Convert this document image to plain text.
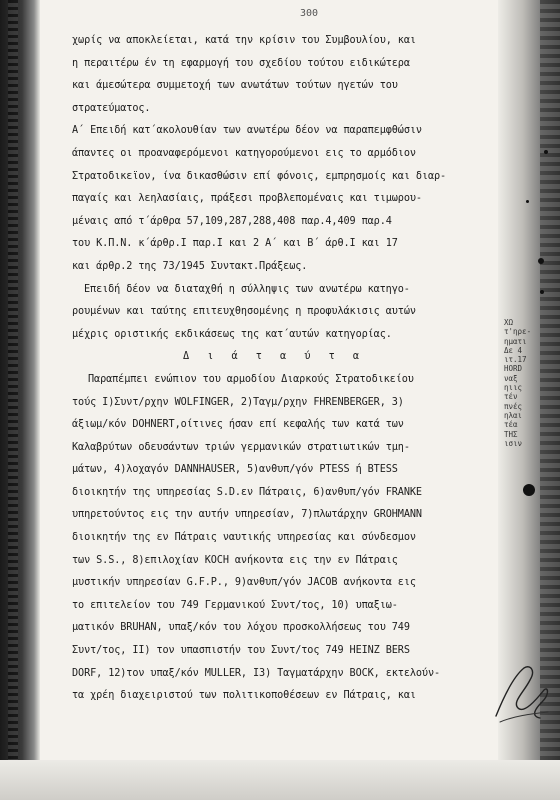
300
χωρίς να αποκλείεται, κατά την κρίσιν του Συμβουλίου, και
η περαιτέρω έν τη εφαρμογή του σχεδίου τούτου ειδικώτερα
και άμεσώτερα συμμετοχή των ανωτάτων τούτων ηγετών του
στρατεύματος.
Α΄ Επειδή κατ΄ακολουθίαν των ανωτέρω δέον να παραπεμφθώσιν
άπαντες οι προαναφερόμενοι κατηγορούμενοι εις το αρμόδιον
Στρατοδικεϊον, ίνα δικασθώσιν επί φόνοις, εμπρησμοίς και διαρ-
παγαίς και λεηλασίαις, πράξεσι προβλεπομέναις και τιμωρου-
μέναις από τ΄άρθρα 57,109,287,288,408 παρ.4,409 παρ.4
του Κ.Π.Ν. κ΄άρθρ.Ι παρ.Ι και 2 Α΄ και Β΄ άρθ.Ι και 17
και άρθρ.2 της 73/1945 Συντακτ.Πράξεως.
Επειδή δέον να διαταχθή η σύλληψις των ανωτέρω κατηγο-
ρουμένων και ταύτης επιτευχθησομένης η προφυλάκισις αυτών
μέχρις οριστικής εκδικάσεως της κατ΄αυτών κατηγορίας.
Δ ι ά τ α ύ τ α
Παραπέμπει ενώπιον του αρμοδίου Διαρκούς Στρατοδικείου
τούς Ι)Συντ/ρχην WOLFINGER, 2)Ταγμ/ρχην FHRENBERGER, 3)
άξιωμ/κόν DOHNERT,οίτινες ήσαν επί κεφαλής των κατά των
Καλαβρύτων οδευσάντων τριών γερμανικών στρατιωτικών τμη-
μάτων, 4)λοχαγόν DANNHAUSER, 5)ανθυπ/γόν PTESS ή BTESS
διοικητήν της υπηρεσίας S.D.εν Πάτραις, 6)ανθυπ/γόν FRANKE
υπηρετούντος εις την αυτήν υπηρεσίαν, 7)πλωτάρχην GROHMANN
διοικητήν της εν Πάτραις ναυτικής υπηρεσίας και σύνδεσμον
των S.S., 8)επιλοχίαν KOCH ανήκοντα εις την εν Πάτραις
μυστικήν υπηρεσίαν G.F.P., 9)ανθυπ/γόν JACOB ανήκοντα εις
το επιτελείον του 749 Γερμανικού Συντ/τος, 10) υπαξιω-
ματικόν BRUHAN, υπαξ/κόν του λόχου προσκολλήσεως του 749
Συντ/τος, ΙΙ) τον υπασπιστήν του Συντ/τος 749 HEINZ BERS
DORF, 12)τον υπαξ/κόν MULLER, Ι3) Ταγματάρχην BOCK, εκτελούν-
τα χρέη διαχειριστού των πολιτικοποθέσεων εν Πάτραις, και
ΧΩ
τ'ηρε-
ηματι
Δε 4
ιτ.17
HORD
ναξ
ηιις
τέν
πνές
ηλαι
τέα
ΤΗΣ
ισιν
